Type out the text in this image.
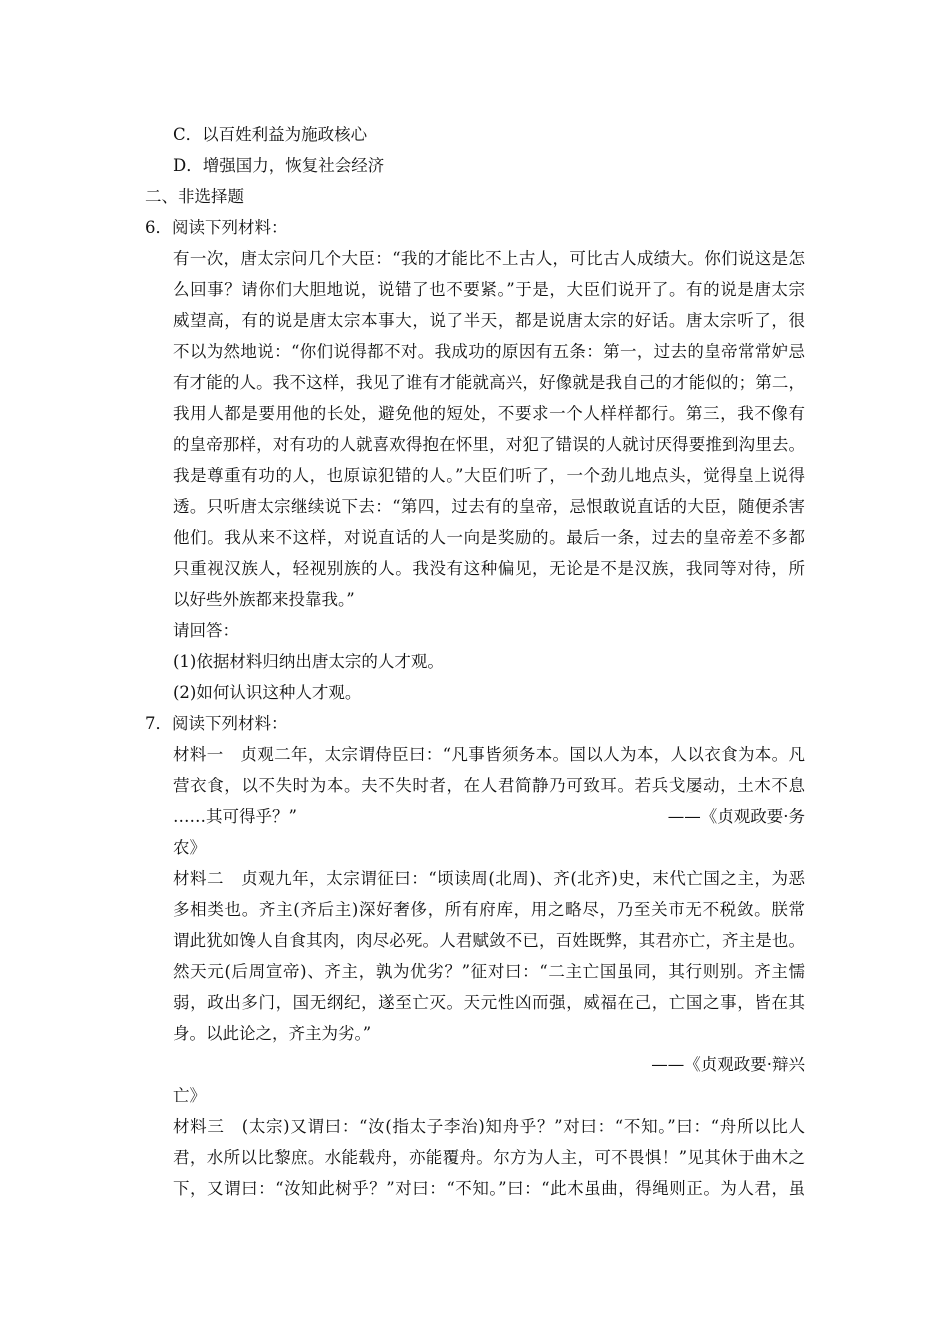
C．以百姓利益为施政核心
D．增强国力，恢复社会经济
二、非选择题
6．阅读下列材料：
有一次，唐太宗问几个大臣：“我的才能比不上古人，可比古人成绩大。你们说这是怎
么回事？请你们大胆地说，说错了也不要紧。”于是，大臣们说开了。有的说是唐太宗
威望高，有的说是唐太宗本事大，说了半天，都是说唐太宗的好话。唐太宗听了，很
不以为然地说：“你们说得都不对。我成功的原因有五条：第一，过去的皇帝常常妒忌
有才能的人。我不这样，我见了谁有才能就高兴，好像就是我自己的才能似的；第二，
我用人都是要用他的长处，避免他的短处，不要求一个人样样都行。第三，我不像有
的皇帝那样，对有功的人就喜欢得抱在怀里，对犯了错误的人就讨厌得要推到沟里去。
我是尊重有功的人，也原谅犯错的人。”大臣们听了，一个劲儿地点头，觉得皇上说得
透。只听唐太宗继续说下去：“第四，过去有的皇帝，忌恨敢说直话的大臣，随便杀害
他们。我从来不这样，对说直话的人一向是奖励的。最后一条，过去的皇帝差不多都
只重视汉族人，轻视别族的人。我没有这种偏见，无论是不是汉族，我同等对待，所
以好些外族都来投靠我。”
请回答：
(1)依据材料归纳出唐太宗的人才观。
(2)如何认识这种人才观。
7．阅读下列材料：
材料一　贞观二年，太宗谓侍臣曰：“凡事皆须务本。国以人为本，人以衣食为本。凡
营衣食，以不失时为本。夫不失时者，在人君简静乃可致耳。若兵戈屡动，土木不息
……其可得乎？”	——《贞观政要·务
农》
材料二　贞观九年，太宗谓征曰：“顷读周(北周)、齐(北齐)史，末代亡国之主，为恶
多相类也。齐主(齐后主)深好奢侈，所有府库，用之略尽，乃至关市无不税敛。朕常
谓此犹如馋人自食其肉，肉尽必死。人君赋敛不已，百姓既弊，其君亦亡，齐主是也。
然天元(后周宣帝)、齐主，孰为优劣？”征对曰：“二主亡国虽同，其行则别。齐主懦
弱，政出多门，国无纲纪，遂至亡灭。天元性凶而强，威福在己，亡国之事，皆在其
身。以此论之，齐主为劣。”
——《贞观政要·辩兴
亡》
材料三　(太宗)又谓曰：“汝(指太子李治)知舟乎？”对曰：“不知。”曰：“舟所以比人
君，水所以比黎庶。水能载舟，亦能覆舟。尔方为人主，可不畏惧！”见其休于曲木之
下，又谓曰：“汝知此树乎？”对曰：“不知。”曰：“此木虽曲，得绳则正。为人君，虽
